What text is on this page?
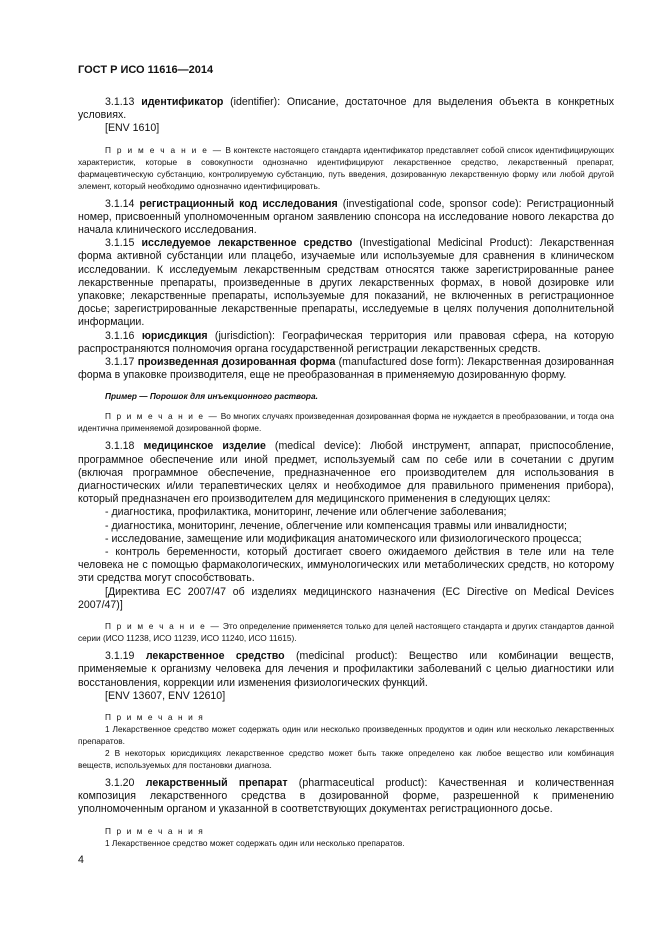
ГОСТ Р ИСО 11616—2014

3.1.13 идентификатор (identifier): Описание, достаточное для выделения объекта в конкретных условиях.

[ENV 1610]

П р и м е ч а н и е — В контексте настоящего стандарта идентификатор представляет собой список идентифицирующих характеристик, которые в совокупности однозначно идентифицируют лекарственное средство, лекарственный препарат, фармацевтическую субстанцию, контролируемую субстанцию, путь введения, дозированную лекарственную форму или любой другой элемент, который необходимо однозначно идентифицировать.

3.1.14 регистрационный код исследования (investigational code, sponsor code): Регистрационный номер, присвоенный уполномоченным органом заявлению спонсора на исследование нового лекарства до начала клинического исследования.

3.1.15 исследуемое лекарственное средство (Investigational Medicinal Product): Лекарственная форма активной субстанции или плацебо, изучаемые или используемые для сравнения в клиническом исследовании. К исследуемым лекарственным средствам относятся также зарегистрированные ранее лекарственные препараты, произведенные в других лекарственных формах, в новой дозировке или упаковке; лекарственные препараты, используемые для показаний, не включенных в регистрационное досье; зарегистрированные лекарственные препараты, исследуемые в целях получения дополнительной информации.

3.1.16 юрисдикция (jurisdiction): Географическая территория или правовая сфера, на которую распространяются полномочия органа государственной регистрации лекарственных средств.

3.1.17 произведенная дозированная форма (manufactured dose form): Лекарственная дозированная форма в упаковке производителя, еще не преобразованная в применяемую дозированную форму.

Пример — Порошок для инъекционного раствора.

П р и м е ч а н и е — Во многих случаях произведенная дозированная форма не нуждается в преобразовании, и тогда она идентична применяемой дозированной форме.

3.1.18 медицинское изделие (medical device): Любой инструмент, аппарат, приспособление, программное обеспечение или иной предмет, используемый сам по себе или в сочетании с другим (включая программное обеспечение, предназначенное его производителем для использования в диагностических и/или терапевтических целях и необходимое для правильного применения прибора), который предназначен его производителем для медицинского применения в следующих целях:

- диагностика, профилактика, мониторинг, лечение или облегчение заболевания;

- диагностика, мониторинг, лечение, облегчение или компенсация травмы или инвалидности;

- исследование, замещение или модификация анатомического или физиологического процесса;

- контроль беременности, который достигает своего ожидаемого действия в теле или на теле человека не с помощью фармакологических, иммунологических или метаболических средств, но которому эти средства могут способствовать.

[Директива ЕС 2007/47 об изделиях медицинского назначения (EC Directive on Medical Devices 2007/47)]

П р и м е ч а н и е — Это определение применяется только для целей настоящего стандарта и других стандартов данной серии (ИСО 11238, ИСО 11239, ИСО 11240, ИСО 11615).

3.1.19 лекарственное средство (medicinal product): Вещество или комбинации веществ, применяемые к организму человека для лечения и профилактики заболеваний с целью диагностики или восстановления, коррекции или изменения физиологических функций.

[ENV 13607, ENV 12610]

П р и м е ч а н и я

1 Лекарственное средство может содержать один или несколько произведенных продуктов и один или несколько лекарственных препаратов.

2 В некоторых юрисдикциях лекарственное средство может быть также определено как любое вещество или комбинация веществ, используемых для постановки диагноза.

3.1.20 лекарственный препарат (pharmaceutical product): Качественная и количественная композиция лекарственного средства в дозированной форме, разрешенной к применению уполномоченным органом и указанной в соответствующих документах регистрационного досье.

П р и м е ч а н и я

1 Лекарственное средство может содержать один или несколько препаратов.

4
